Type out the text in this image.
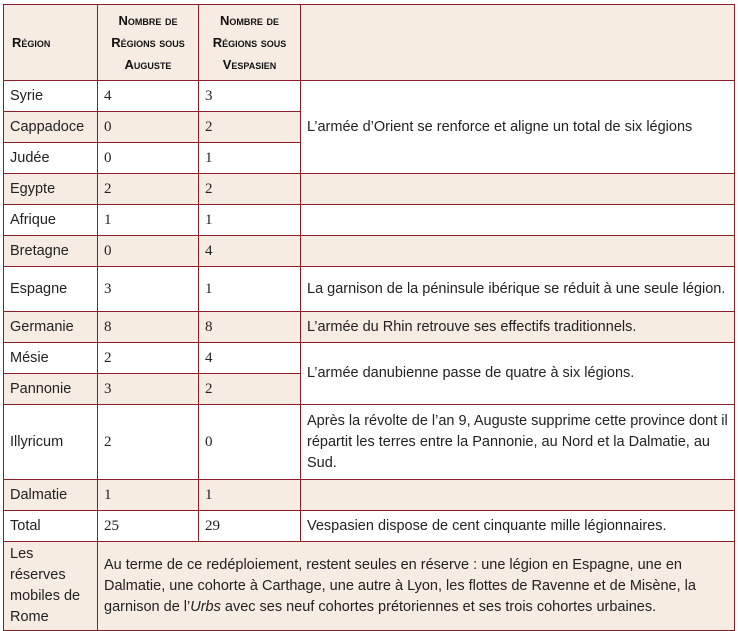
Région	Nombre de Régions sous Auguste	Nombre de Régions sous Vespasien	
Syrie	4	3	L’armée d’Orient se renforce et aligne un total de six légions
Cappadoce	0	2	
Judée	0	1	
Egypte	2	2	
Afrique	1	1	
Bretagne	0	4	
Espagne	3	1	La garnison de la péninsule ibérique se réduit à une seule légion.
Germanie	8	8	L’armée du Rhin retrouve ses effectifs traditionnels.
Mésie	2	4	L’armée danubienne passe de quatre à six légions.
Pannonie	3	2	
Illyricum	2	0	Après la révolte de l’an 9, Auguste supprime cette province dont il répartit les terres entre la Pannonie, au Nord et la Dalmatie, au Sud.
Dalmatie	1	1	
Total	25	29	Vespasien dispose de cent cinquante mille légionnaires.
Les réserves mobiles de Rome	Au terme de ce redéploiement, restent seules en réserve : une légion en Espagne, une en Dalmatie, une cohorte à Carthage, une autre à Lyon, les flottes de Ravenne et de Misène, la garnison de l’Urbs avec ses neuf cohortes prétoriennes et ses trois cohortes urbaines.		
